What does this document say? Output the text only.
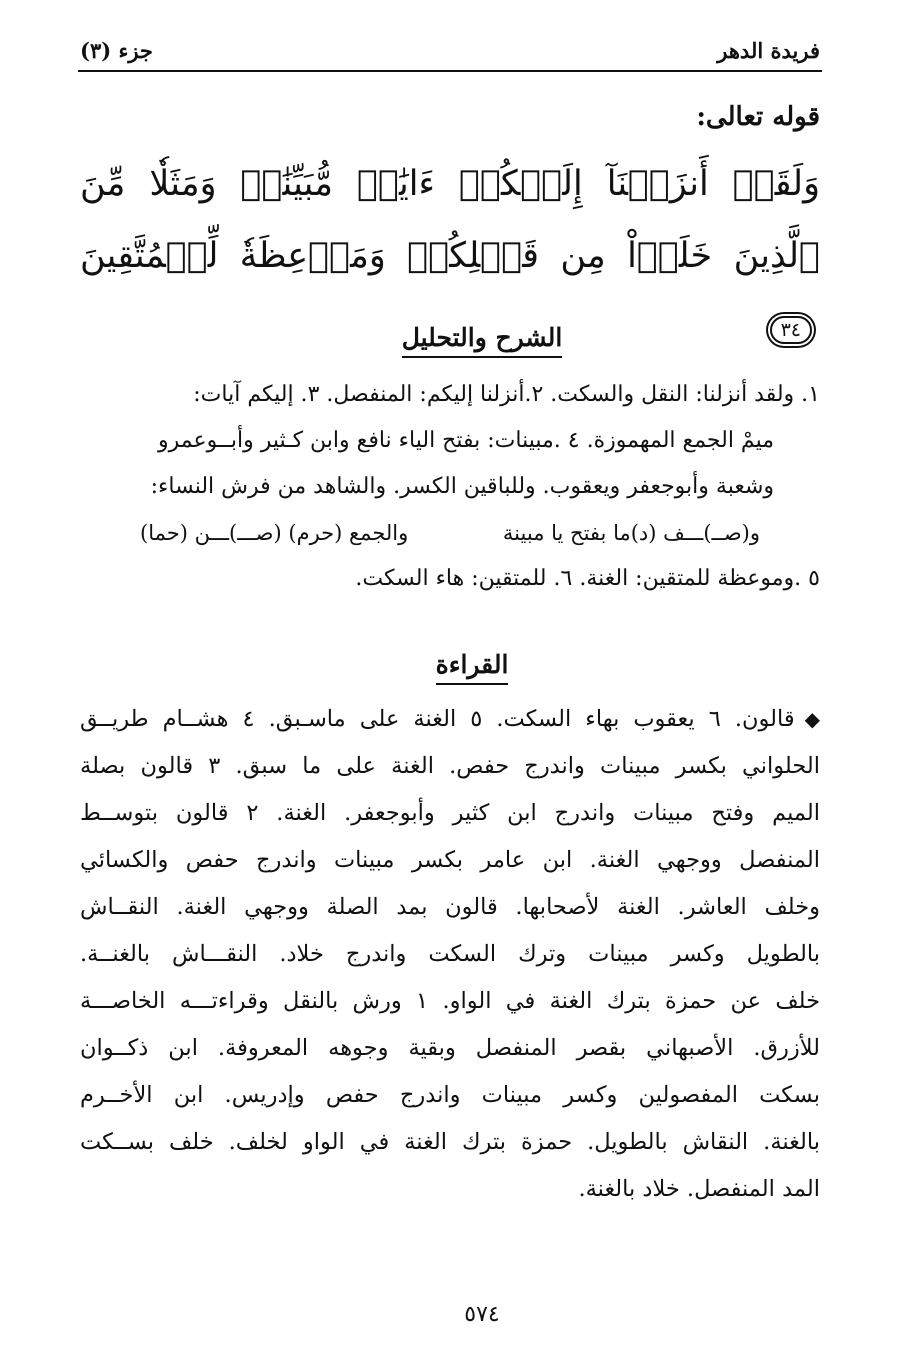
فريدة الدهر
جزء (٣)
قوله تعالى:
وَلَقَدۡ أَنزَلۡنَآ إِلَيۡكُمۡ ءَايَٰتٖ مُّبَيِّنَٰتٖ وَمَثَلٗا مِّنَ ٱلَّذِينَ خَلَوۡاْ مِن قَبۡلِكُمۡ وَمَوۡعِظَةٗ لِّلۡمُتَّقِينَ ٣٤
الشرح والتحليل
١. ولقد أنزلنا: النقل والسكت. ٢.أنزلنا إليكم: المنفصل. ٣. إليكم آيات:
ميمْ الجمع المهموزة. ٤ .مبينات: بفتح الياء نافع وابن كـثير وأبــوعمرو
وشعبة وأبوجعفر ويعقوب. وللباقين الكسر. والشاهد من فرش النساء:
و(صــ)ـــف (د)ما بفتح يا مبينة
والجمع (حرم) (صـــ)ـــن (حما)
٥ .وموعظة للمتقين: الغنة. ٦. للمتقين: هاء السكت.
القراءة
◆قالون. ٦ يعقوب بهاء السكت. ٥ الغنة على ماسـبق. ٤ هشــام طريــق
الحلواني بكسر مبينات واندرج حفص. الغنة على ما سبق. ٣ قالون بصلة
الميم وفتح مبينات واندرج ابن كثير وأبوجعفر. الغنة. ٢ قالون بتوســط
المنفصل ووجهي الغنة. ابن عامر بكسر مبينات واندرج حفص والكسائي
وخلف العاشر. الغنة لأصحابها. قالون بمد الصلة ووجهي الغنة. النقــاش
بالطويل وكسر مبينات وترك السكت واندرج خلاد. النقـــاش بالغنــة.
خلف عن حمزة بترك الغنة في الواو. ١ ورش بالنقل وقراءتـــه الخاصـــة
للأزرق. الأصبهاني بقصر المنفصل وبقية وجوهه المعروفة. ابن ذكــوان
بسكت المفصولين وكسر مبينات واندرج حفص وإدريس. ابن الأخــرم
بالغنة. النقاش بالطويل. حمزة بترك الغنة في الواو لخلف. خلف بســكت
المد المنفصل. خلاد بالغنة.
٥٧٤
